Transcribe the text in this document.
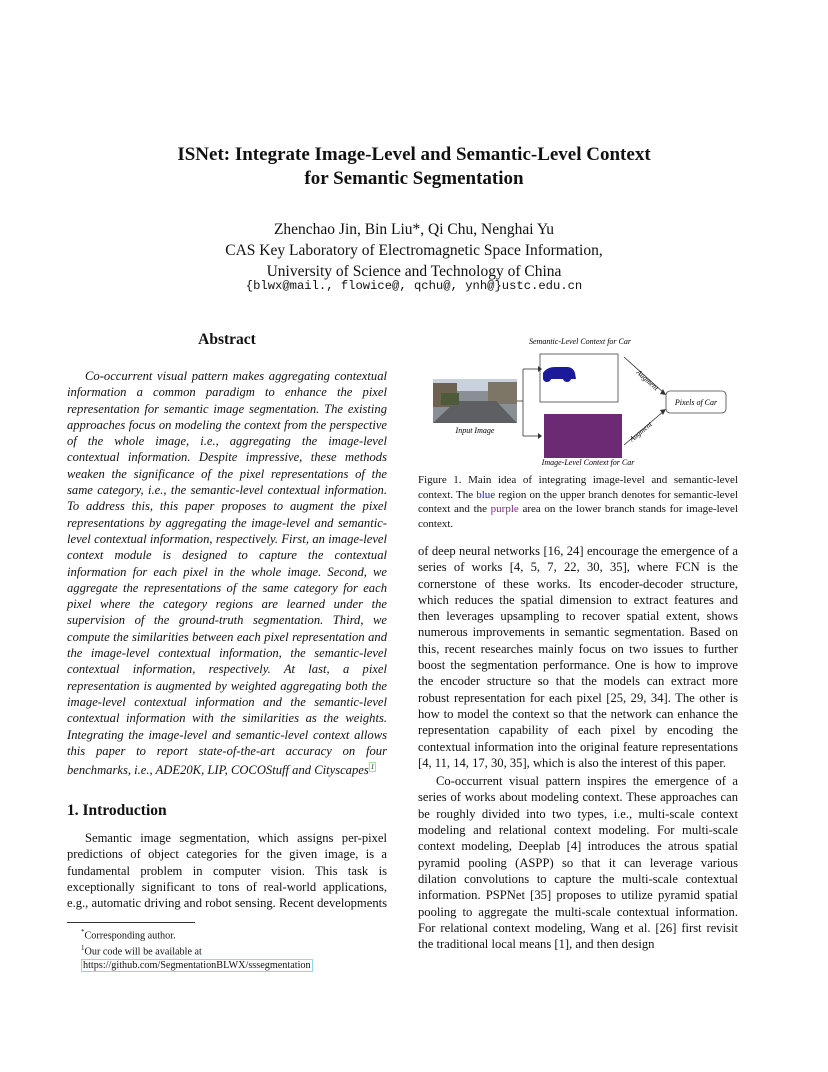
ISNet: Integrate Image-Level and Semantic-Level Context
for Semantic Segmentation
Zhenchao Jin, Bin Liu*, Qi Chu, Nenghai Yu
CAS Key Laboratory of Electromagnetic Space Information,
University of Science and Technology of China
{blwx@mail., flowice@, qchu@, ynh@}ustc.edu.cn
Abstract
Co-occurrent visual pattern makes aggregating contextual information a common paradigm to enhance the pixel representation for semantic image segmentation. The existing approaches focus on modeling the context from the perspective of the whole image, i.e., aggregating the image-level contextual information. Despite impressive, these methods weaken the significance of the pixel representations of the same category, i.e., the semantic-level contextual information. To address this, this paper proposes to augment the pixel representations by aggregating the image-level and semantic-level contextual information, respectively. First, an image-level context module is designed to capture the contextual information for each pixel in the whole image. Second, we aggregate the representations of the same category for each pixel where the category regions are learned under the supervision of the ground-truth segmentation. Third, we compute the similarities between each pixel representation and the image-level contextual information, the semantic-level contextual information, respectively. At last, a pixel representation is augmented by weighted aggregating both the image-level contextual information and the semantic-level contextual information with the similarities as the weights. Integrating the image-level and semantic-level context allows this paper to report state-of-the-art accuracy on four benchmarks, i.e., ADE20K, LIP, COCOStuff and Cityscapes $^1$
1. Introduction
Semantic image segmentation, which assigns per-pixel predictions of object categories for the given image, is a fundamental problem in computer vision. This task is exceptionally significant to tons of real-world applications, e.g., automatic driving and robot sensing. Recent developments
*Corresponding author.
$^1$Our code will be available at https://github.com/SegmentationBLWX/sssegmentation
Semantic-Level Context for Car
Input Image
Image-Level Context for Car
Augment
Augment
Pixels of Car
Figure 1. Main idea of integrating image-level and semantic-level context. The blue region on the upper branch denotes for semantic-level context and the purple area on the lower branch stands for image-level context.

of deep neural networks [16, 24] encourage the emergence of a series of works [4, 5, 7, 22, 30, 35], where FCN is the cornerstone of these works. Its encoder-decoder structure, which reduces the spatial dimension to extract features and then leverages upsampling to recover spatial extent, shows numerous improvements in semantic segmentation. Based on this, recent researches mainly focus on two issues to further boost the segmentation performance. One is how to improve the encoder structure so that the models can extract more robust representation for each pixel [25, 29, 34]. The other is how to model the context so that the network can enhance the representation capability of each pixel by encoding the contextual information into the original feature representations [4, 11, 14, 17, 30, 35], which is also the interest of this paper.

Co-occurrent visual pattern inspires the emergence of a series of works about modeling context. These approaches can be roughly divided into two types, i.e., multi-scale context modeling and relational context modeling. For multi-scale context modeling, Deeplab [4] introduces the atrous spatial pyramid pooling (ASPP) so that it can leverage various dilation convolutions to capture the multi-scale contextual information. PSPNet [35] proposes to utilize pyramid spatial pooling to aggregate the multi-scale contextual information. For relational context modeling, Wang et al. [26] first revisit the traditional local means [1], and then design
